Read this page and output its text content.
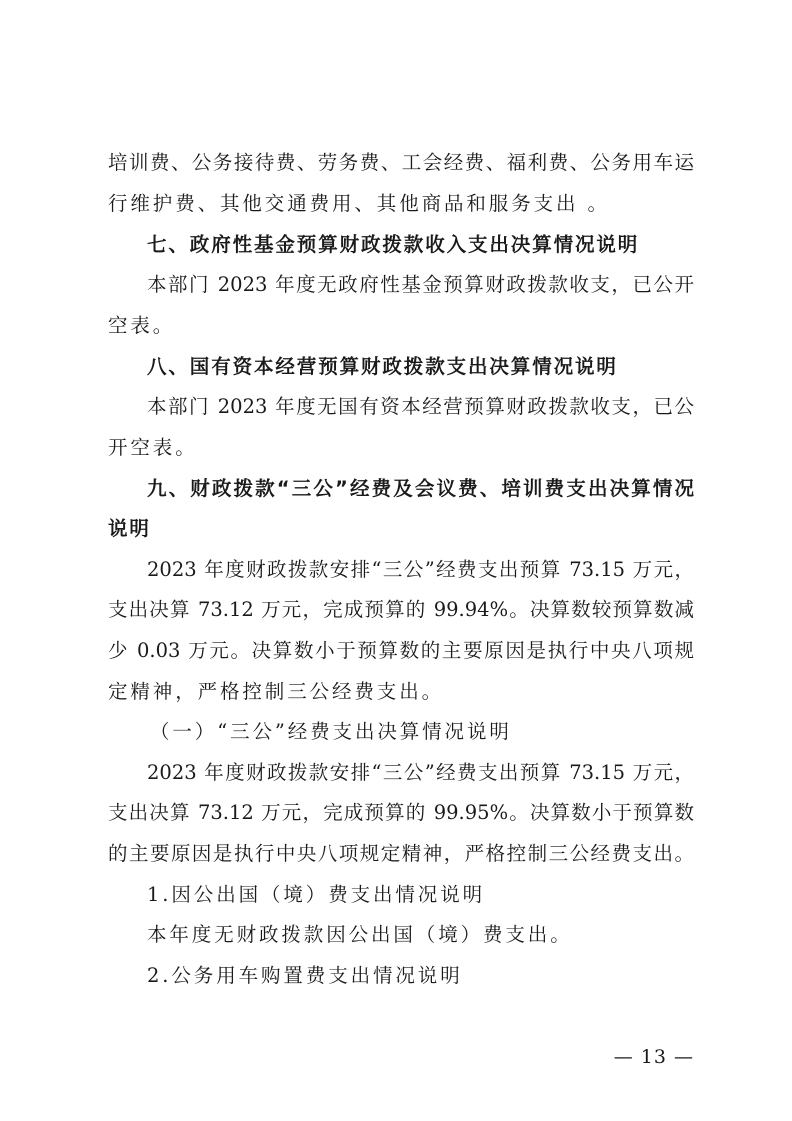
培训费、公务接待费、劳务费、工会经费、福利费、公务用车运
行维护费、其他交通费用、其他商品和服务支出 。
七、政府性基金预算财政拨款收入支出决算情况说明
本部门 2023 年度无政府性基金预算财政拨款收支，已公开
空表。
八、国有资本经营预算财政拨款支出决算情况说明
本部门 2023 年度无国有资本经营预算财政拨款收支，已公
开空表。
九、财政拨款“三公”经费及会议费、培训费支出决算情况
说明
2023 年度财政拨款安排“三公”经费支出预算 73.15 万元，
支出决算 73.12 万元，完成预算的 99.94%。决算数较预算数减
少 0.03 万元。决算数小于预算数的主要原因是执行中央八项规
定精神，严格控制三公经费支出。
（一）“三公”经费支出决算情况说明
2023 年度财政拨款安排“三公”经费支出预算 73.15 万元，
支出决算 73.12 万元，完成预算的 99.95%。决算数小于预算数
的主要原因是执行中央八项规定精神，严格控制三公经费支出。
1.因公出国（境）费支出情况说明
本年度无财政拨款因公出国（境）费支出。
2.公务用车购置费支出情况说明
— 13 —
